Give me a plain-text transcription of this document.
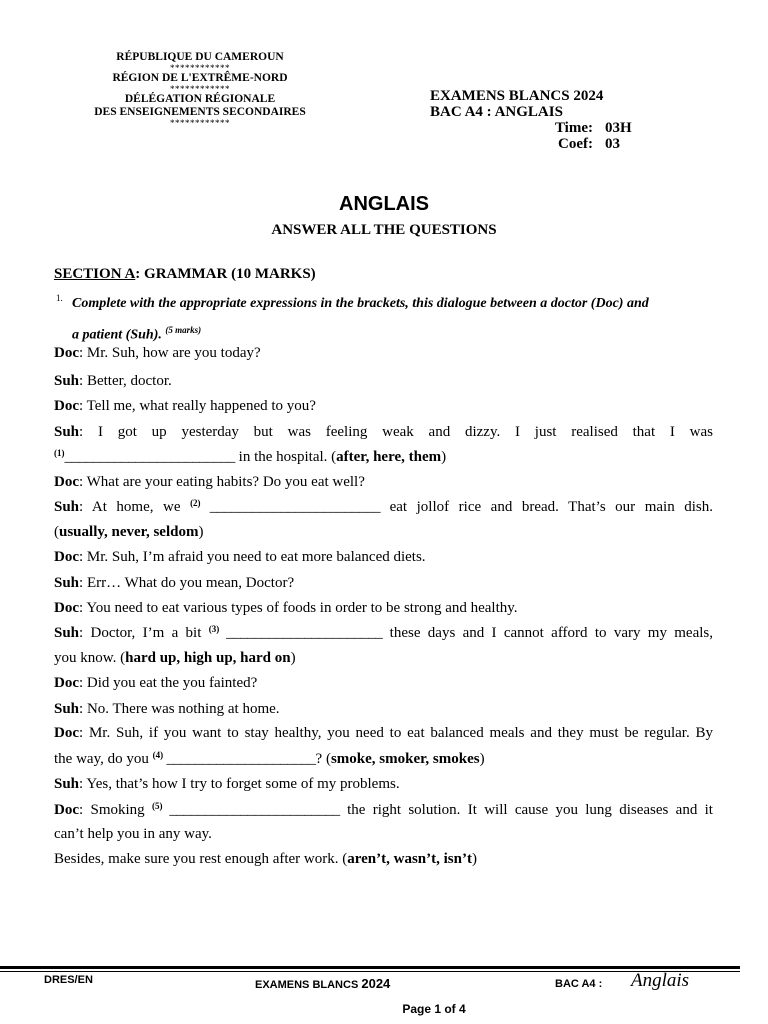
RÉPUBLIQUE DU CAMEROUN
************
RÉGION DE L'EXTRÊME-NORD
************
DÉLÉGATION RÉGIONALE
DES ENSEIGNEMENTS SECONDAIRES
************
EXAMENS BLANCS 2024
BAC A4 : ANGLAIS
Time: 03H
Coef: 03
ANGLAIS
ANSWER ALL THE QUESTIONS
SECTION A: GRAMMAR (10 MARKS)
1. Complete with the appropriate expressions in the brackets, this dialogue between a doctor (Doc) and
a patient (Suh). $^{(5 marks)}$
Doc: Mr. Suh, how are you today?
Suh: Better, doctor.
Doc: Tell me, what really happened to you?
Suh: I got up yesterday but was feeling weak and dizzy. I just realised that I was
$^{(1)}$________________________ in the hospital. (after, here, them)
Doc: What are your eating habits? Do you eat well?
Suh: At home, we $^{(2)}$ ________________________ eat jollof rice and bread. That’s our main dish.
(usually, never, seldom)
Doc: Mr. Suh, I’m afraid you need to eat more balanced diets.
Suh: Err… What do you mean, Doctor?
Doc: You need to eat various types of foods in order to be strong and healthy.
Suh: Doctor, I’m a bit $^{(3)}$ ______________________ these days and I cannot afford to vary my meals,
you know. (hard up, high up, hard on)
Doc: Did you eat the you fainted?
Suh: No. There was nothing at home.
Doc: Mr. Suh, if you want to stay healthy, you need to eat balanced meals and they must be regular. By
the way, do you $^{(4)}$ _____________________? (smoke, smoker, smokes)
Suh: Yes, that’s how I try to forget some of my problems.
Doc: Smoking $^{(5)}$ ________________________ the right solution. It will cause you lung diseases and it
can’t help you in any way.
Besides, make sure you rest enough after work. (aren’t, wasn’t, isn’t)
DRES/EN	EXAMENS BLANCS 2024	BAC A4 : Anglais
Page 1 of 4
